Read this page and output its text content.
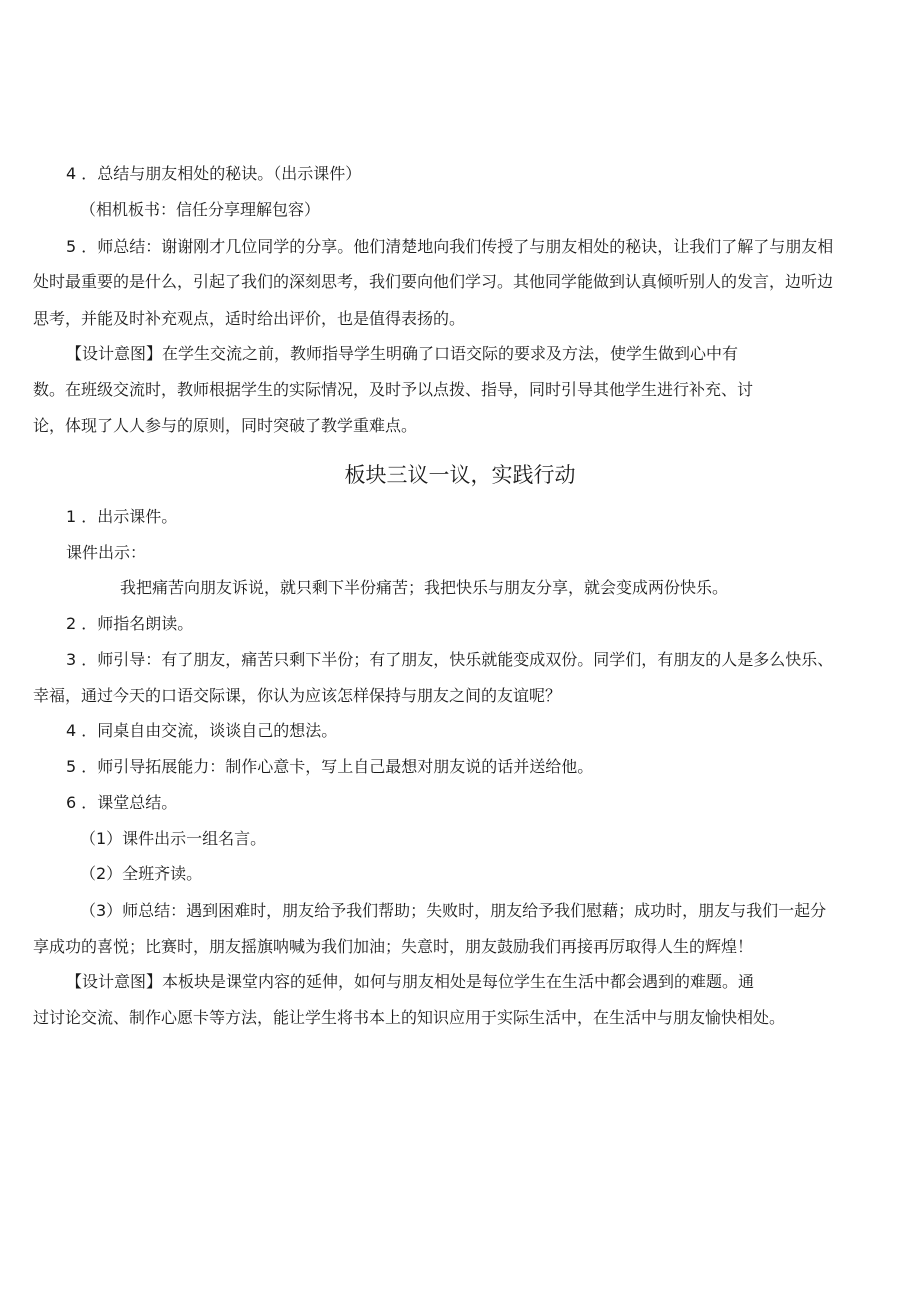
4 ．总结与朋友相处的秘诀。（出示课件）
（相机板书：信任分享理解包容）
5 ．师总结：谢谢刚才几位同学的分享。他们清楚地向我们传授了与朋友相处的秘诀，让我们了解了与朋友相
处时最重要的是什么，引起了我们的深刻思考，我们要向他们学习。其他同学能做到认真倾听别人的发言，边听边
思考，并能及时补充观点，适时给出评价，也是值得表扬的。
【设计意图】在学生交流之前，教师指导学生明确了口语交际的要求及方法，使学生做到心中有
数。在班级交流时，教师根据学生的实际情况，及时予以点拨、指导，同时引导其他学生进行补充、讨
论，体现了人人参与的原则，同时突破了教学重难点。
板块三议一议，实践行动
1 ．出示课件。
课件出示：
我把痛苦向朋友诉说，就只剩下半份痛苦；我把快乐与朋友分享，就会变成两份快乐。
2 ．师指名朗读。
3 ．师引导：有了朋友，痛苦只剩下半份；有了朋友，快乐就能变成双份。同学们，有朋友的人是多么快乐、
幸福，通过今天的口语交际课，你认为应该怎样保持与朋友之间的友谊呢？
4 ．同桌自由交流，谈谈自己的想法。
5 ．师引导拓展能力：制作心意卡，写上自己最想对朋友说的话并送给他。
6 ．课堂总结。
（1）课件出示一组名言。
（2）全班齐读。
（3）师总结：遇到困难时，朋友给予我们帮助；失败时，朋友给予我们慰藉；成功时，朋友与我们一起分
享成功的喜悦；比赛时，朋友摇旗呐喊为我们加油；失意时，朋友鼓励我们再接再厉取得人生的辉煌！
【设计意图】本板块是课堂内容的延伸，如何与朋友相处是每位学生在生活中都会遇到的难题。通
过讨论交流、制作心愿卡等方法，能让学生将书本上的知识应用于实际生活中，在生活中与朋友愉快相处。
